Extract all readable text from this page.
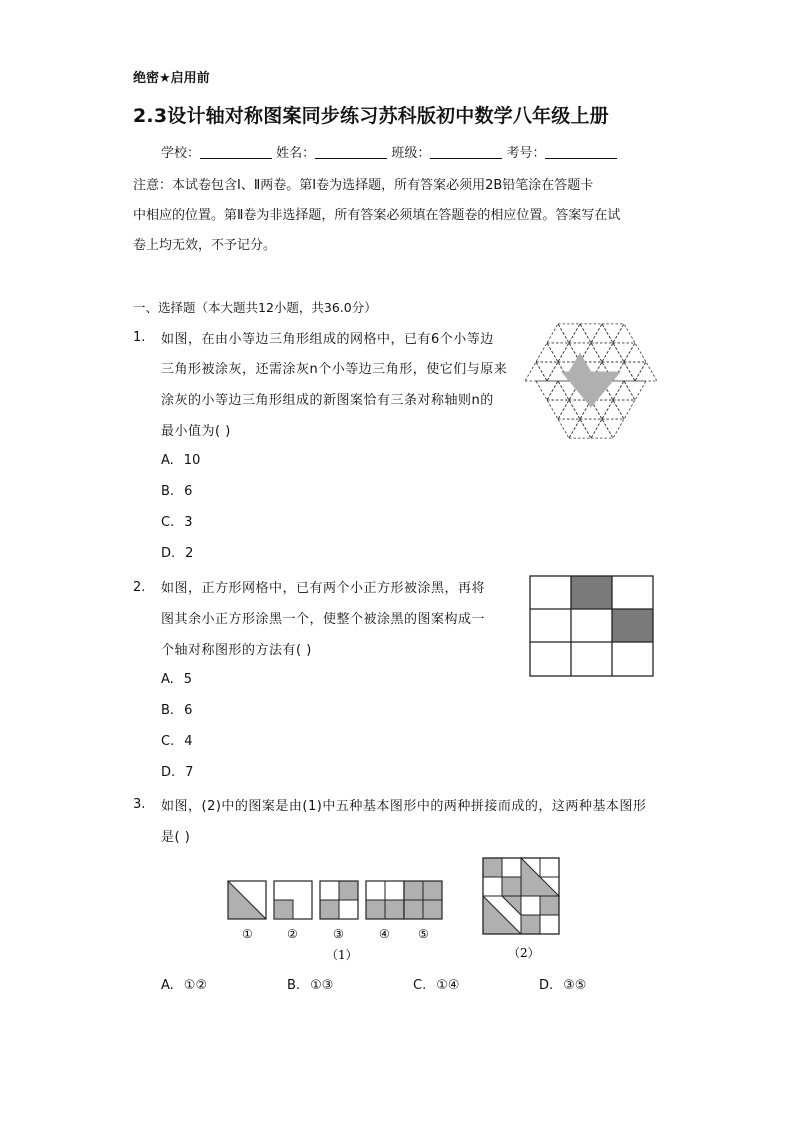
绝密★启用前
2.3设计轴对称图案同步练习苏科版初中数学八年级上册
学校：	姓名：	班级：	考号：
注意：本试卷包含Ⅰ、Ⅱ两卷。第Ⅰ卷为选择题，所有答案必须用2B铅笔涂在答题卡
中相应的位置。第Ⅱ卷为非选择题，所有答案必须填在答题卷的相应位置。答案写在试
卷上均无效，不予记分。
一、选择题（本大题共12小题，共36.0分）
1. 如图，在由小等边三角形组成的网格中，已有6个小等边
三角形被涂灰，还需涂灰n个小等边三角形，使它们与原来
涂灰的小等边三角形组成的新图案恰有三条对称轴则n的
最小值为( )
A. 10
B. 6
C. 3
D. 2
2. 如图，正方形网格中，已有两个小正方形被涂黑，再将
图其余小正方形涂黑一个，使整个被涂黑的图案构成一
个轴对称图形的方法有( )
A. 5
B. 6
C. 4
D. 7
3. 如图，(2)中的图案是由(1)中五种基本图形中的两种拼接而成的，这两种基本图形
是( )
①	②	③	④ ⑤
（1）	（2）
A. ①②	B. ①③	C. ①④	D. ③⑤
